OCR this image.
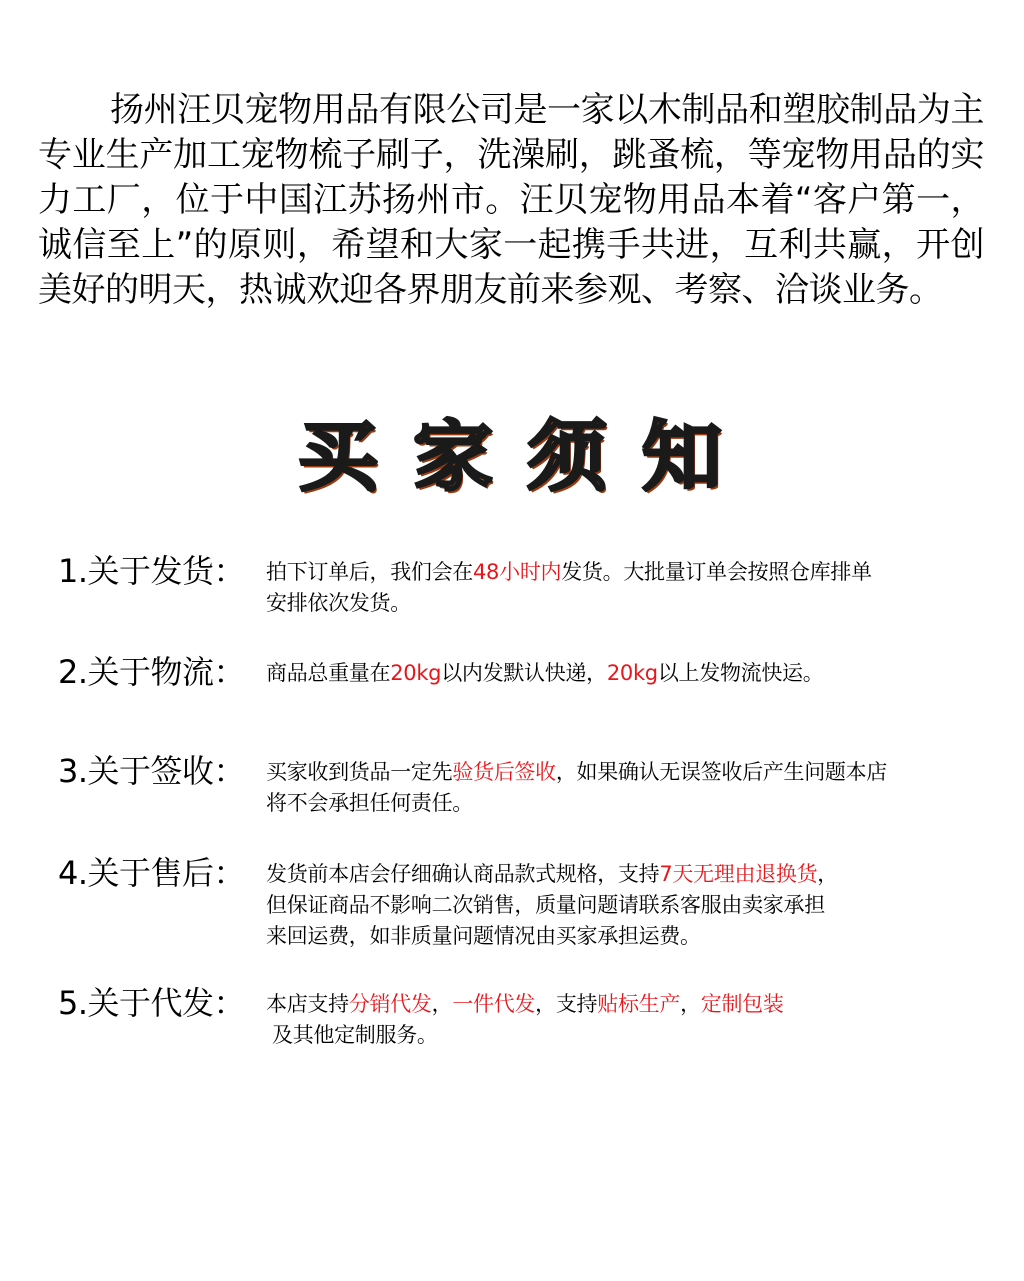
扬州汪贝宠物用品有限公司是一家以木制品和塑胶制品为主专业生产加工宠物梳子刷子，洗澡刷，跳蚤梳，等宠物用品的实力工厂，位于中国江苏扬州市。汪贝宠物用品本着“客户第一，诚信至上”的原则，希望和大家一起携手共进，互利共赢，开创美好的明天，热诚欢迎各界朋友前来参观、考察、洽谈业务。

买 家 须 知
1.关于发货： 拍下订单后，我们会在48小时内发货。大批量订单会按照仓库排单
安排依次发货。
2.关于物流： 商品总重量在20kg以内发默认快递，20kg以上发物流快运。
3.关于签收： 买家收到货品一定先验货后签收，如果确认无误签收后产生问题本店
将不会承担任何责任。
4.关于售后： 发货前本店会仔细确认商品款式规格，支持7天无理由退换货，
但保证商品不影响二次销售，质量问题请联系客服由卖家承担
来回运费，如非质量问题情况由买家承担运费。
5.关于代发： 本店支持分销代发，一件代发，支持贴标生产，定制包装
及其他定制服务。
